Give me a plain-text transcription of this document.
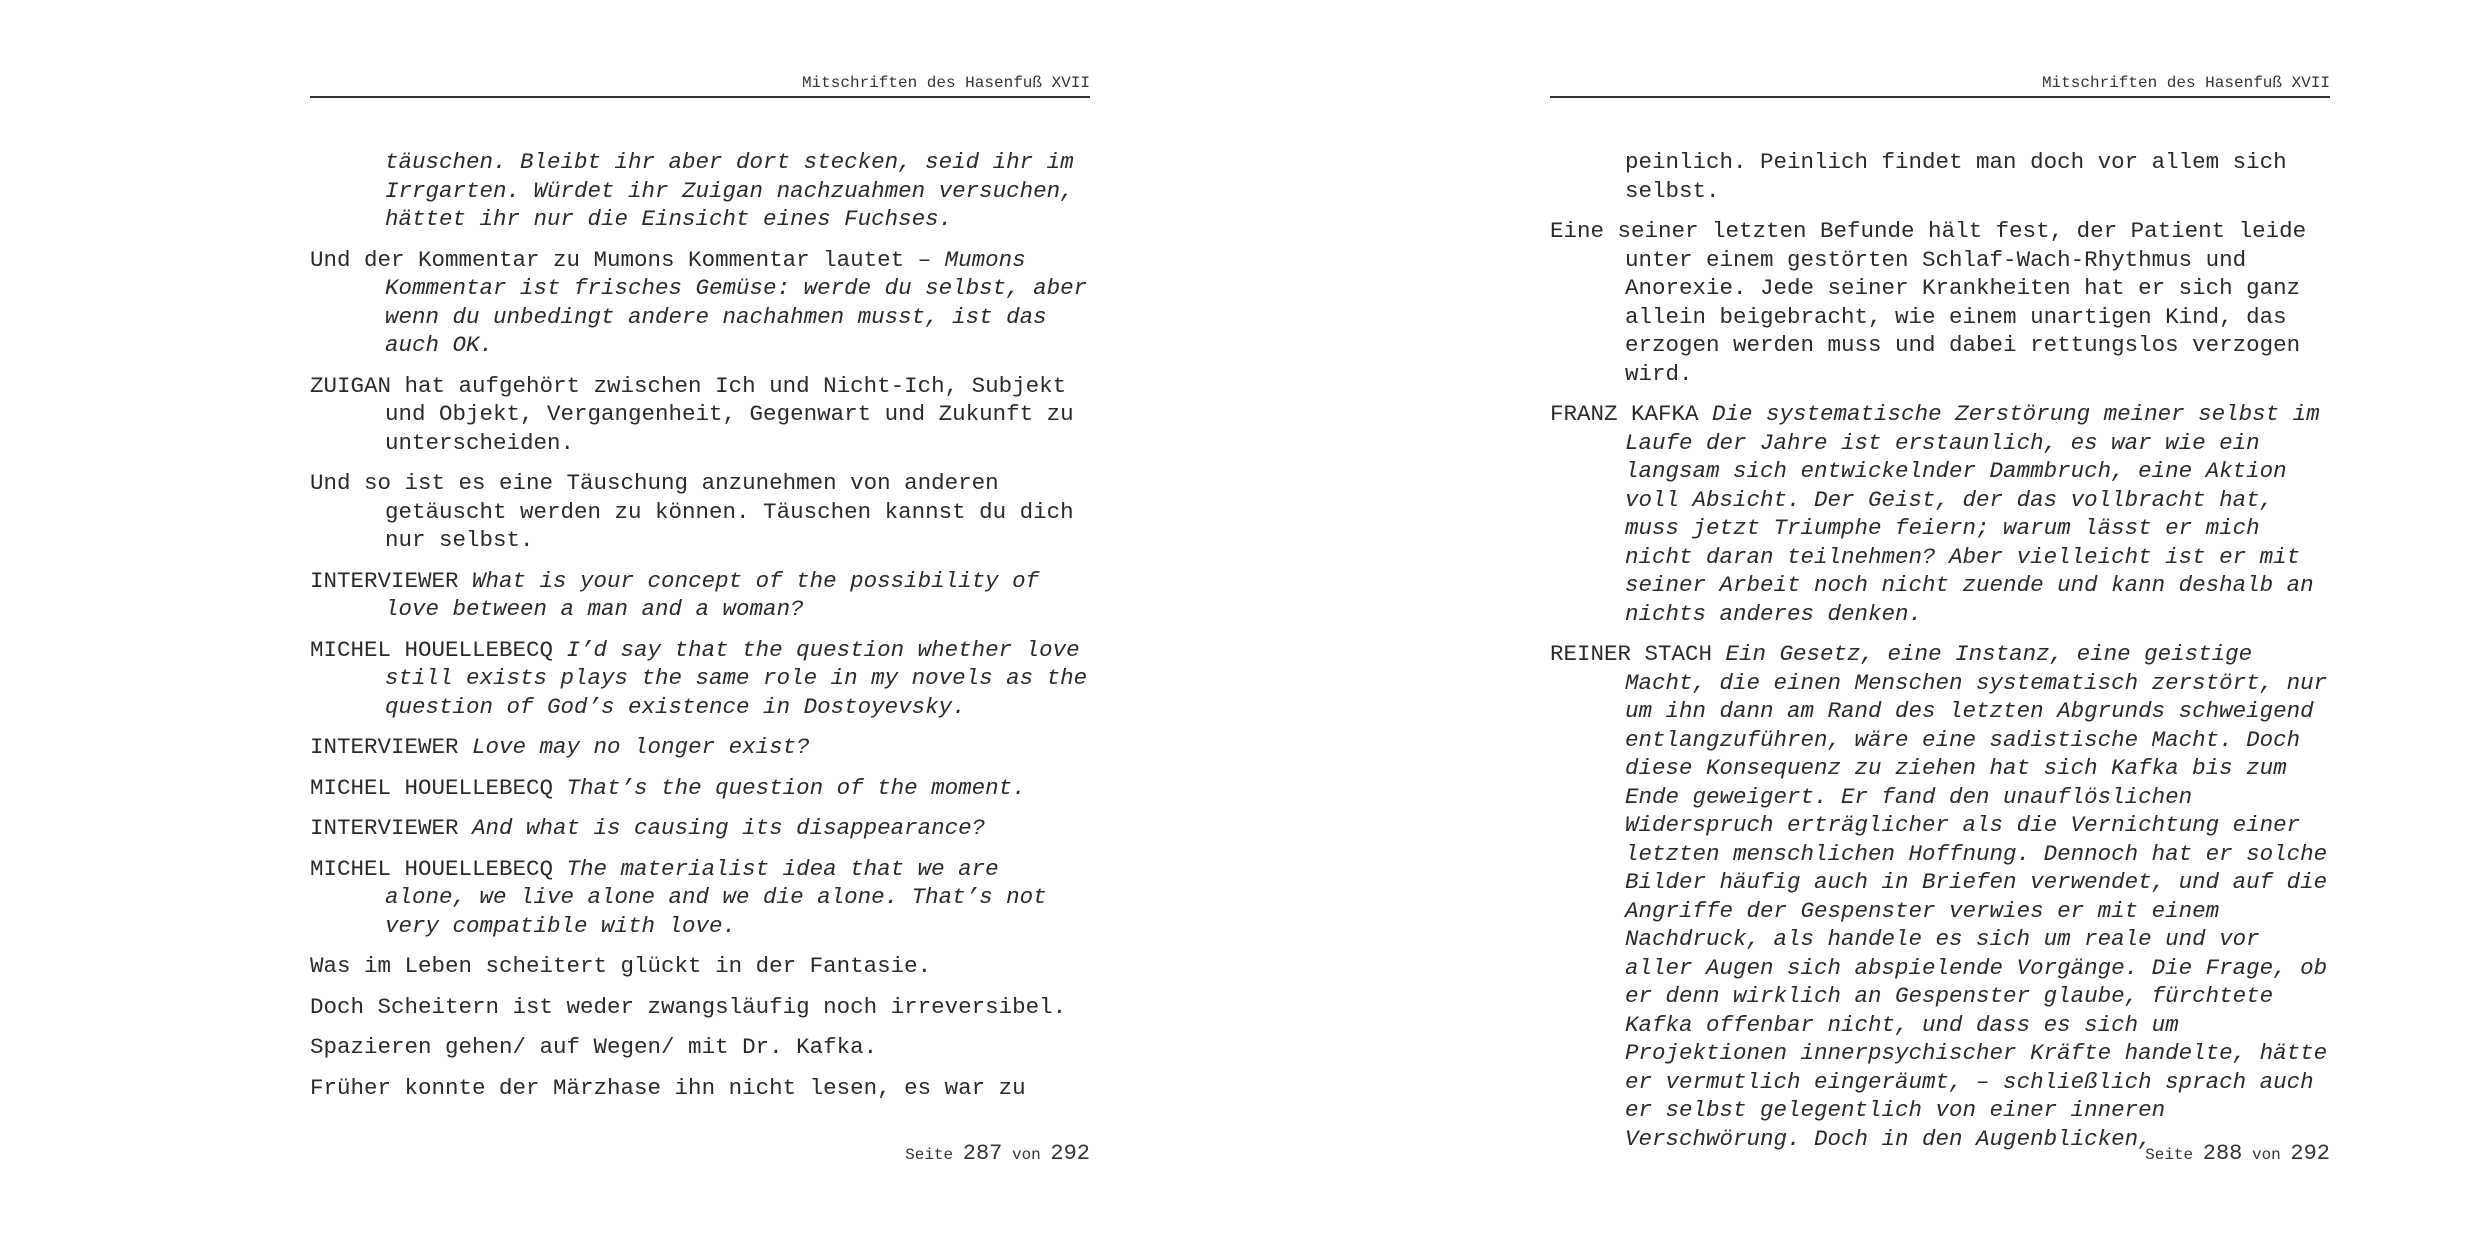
Mitschriften des Hasenfuß XVII

täuschen. Bleibt ihr aber dort stecken, seid ihr im Irrgarten. Würdet ihr Zuigan nachzuahmen versuchen, hättet ihr nur die Einsicht eines Fuchses.

Und der Kommentar zu Mumons Kommentar lautet – Mumons Kommentar ist frisches Gemüse: werde du selbst, aber wenn du unbedingt andere nachahmen musst, ist das auch OK.

ZUIGAN hat aufgehört zwischen Ich und Nicht-Ich, Subjekt und Objekt, Vergangenheit, Gegenwart und Zukunft zu unterscheiden.

Und so ist es eine Täuschung anzunehmen von anderen getäuscht werden zu können. Täuschen kannst du dich nur selbst.

INTERVIEWER What is your concept of the possibility of love between a man and a woman?

MICHEL HOUELLEBECQ I’d say that the question whether love still exists plays the same role in my novels as the question of God’s existence in Dostoyevsky.

INTERVIEWER Love may no longer exist?

MICHEL HOUELLEBECQ That’s the question of the moment.

INTERVIEWER And what is causing its disappearance?

MICHEL HOUELLEBECQ The materialist idea that we are alone, we live alone and we die alone. That’s not very compatible with love.

Was im Leben scheitert glückt in der Fantasie.

Doch Scheitern ist weder zwangsläufig noch irreversibel.

Spazieren gehen/ auf Wegen/ mit Dr. Kafka.

Früher konnte der Märzhase ihn nicht lesen, es war zu

Seite 287 von 292
Mitschriften des Hasenfuß XVII

peinlich. Peinlich findet man doch vor allem sich selbst.

Eine seiner letzten Befunde hält fest, der Patient leide unter einem gestörten Schlaf-Wach-Rhythmus und Anorexie. Jede seiner Krankheiten hat er sich ganz allein beigebracht, wie einem unartigen Kind, das erzogen werden muss und dabei rettungslos verzogen wird.

FRANZ KAFKA Die systematische Zerstörung meiner selbst im Laufe der Jahre ist erstaunlich, es war wie ein langsam sich entwickelnder Dammbruch, eine Aktion voll Absicht. Der Geist, der das vollbracht hat, muss jetzt Triumphe feiern; warum lässt er mich nicht daran teilnehmen? Aber vielleicht ist er mit seiner Arbeit noch nicht zuende und kann deshalb an nichts anderes denken.

REINER STACH Ein Gesetz, eine Instanz, eine geistige Macht, die einen Menschen systematisch zerstört, nur um ihn dann am Rand des letzten Abgrunds schweigend entlangzuführen, wäre eine sadistische Macht. Doch diese Konsequenz zu ziehen hat sich Kafka bis zum Ende geweigert. Er fand den unauflöslichen Widerspruch erträglicher als die Vernichtung einer letzten menschlichen Hoffnung. Dennoch hat er solche Bilder häufig auch in Briefen verwendet, und auf die Angriffe der Gespenster verwies er mit einem Nachdruck, als handele es sich um reale und vor aller Augen sich abspielende Vorgänge. Die Frage, ob er denn wirklich an Gespenster glaube, fürchtete Kafka offenbar nicht, und dass es sich um Projektionen innerpsychischer Kräfte handelte, hätte er vermutlich eingeräumt, – schließlich sprach auch er selbst gelegentlich von einer inneren Verschwörung. Doch in den Augenblicken,

Seite 288 von 292
